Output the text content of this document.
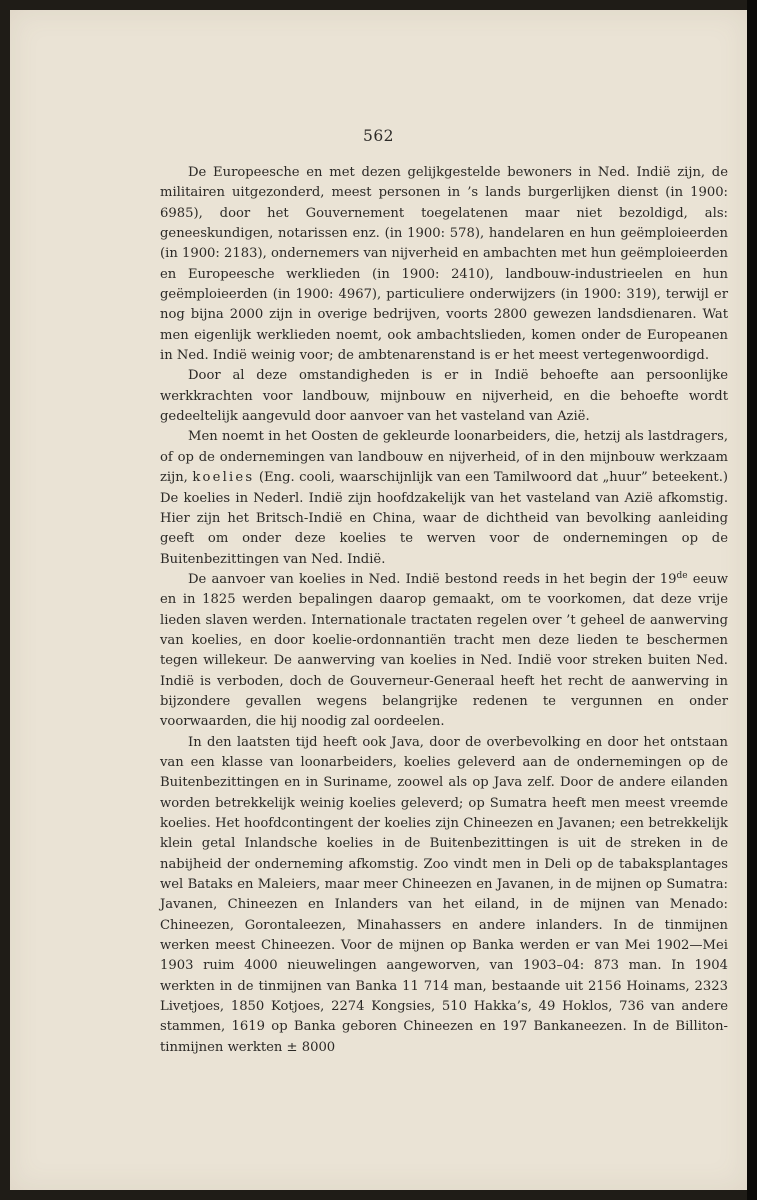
562

De Europeesche en met dezen gelijkgestelde bewoners in Ned. Indië zijn, de militairen uitgezonderd, meest personen in ’s lands burgerlijken dienst (in 1900: 6985), door het Gouvernement toegelatenen maar niet bezoldigd, als: geneeskundigen, notarissen enz. (in 1900: 578), handelaren en hun geëmploieerden (in 1900: 2183), ondernemers van nijverheid en ambachten met hun geëmploieerden en Europeesche werklieden (in 1900: 2410), landbouw-industrieelen en hun geëmploieerden (in 1900: 4967), particuliere onderwijzers (in 1900: 319), terwijl er nog bijna 2000 zijn in overige bedrijven, voorts 2800 gewezen landsdienaren. Wat men eigenlijk werklieden noemt, ook ambachtslieden, komen onder de Europeanen in Ned. Indië weinig voor; de ambtenarenstand is er het meest vertegenwoordigd.

Door al deze omstandigheden is er in Indië behoefte aan persoonlijke werkkrachten voor landbouw, mijnbouw en nijverheid, en die behoefte wordt gedeeltelijk aangevuld door aanvoer van het vasteland van Azië.

Men noemt in het Oosten de gekleurde loonarbeiders, die, hetzij als lastdragers, of op de ondernemingen van landbouw en nijverheid, of in den mijnbouw werkzaam zijn, koelies (Eng. cooli, waarschijnlijk van een Tamilwoord dat „huur” beteekent.) De koelies in Nederl. Indië zijn hoofdzakelijk van het vasteland van Azië afkomstig. Hier zijn het Britsch-Indië en China, waar de dichtheid van bevolking aanleiding geeft om onder deze koelies te werven voor de ondernemingen op de Buitenbezittingen van Ned. Indië.

De aanvoer van koelies in Ned. Indië bestond reeds in het begin der 19de eeuw en in 1825 werden bepalingen daarop gemaakt, om te voorkomen, dat deze vrije lieden slaven werden. Internationale tractaten regelen over ’t geheel de aanwerving van koelies, en door koelie-ordonnantiën tracht men deze lieden te beschermen tegen willekeur. De aanwerving van koelies in Ned. Indië voor streken buiten Ned. Indië is verboden, doch de Gouverneur-Generaal heeft het recht de aanwerving in bijzondere gevallen wegens belangrijke redenen te vergunnen en onder voorwaarden, die hij noodig zal oordeelen.

In den laatsten tijd heeft ook Java, door de overbevolking en door het ontstaan van een klasse van loonarbeiders, koelies geleverd aan de ondernemingen op de Buitenbezittingen en in Suriname, zoowel als op Java zelf. Door de andere eilanden worden betrekkelijk weinig koelies geleverd; op Sumatra heeft men meest vreemde koelies. Het hoofdcontingent der koelies zijn Chineezen en Javanen; een betrekkelijk klein getal Inlandsche koelies in de Buitenbezittingen is uit de streken in de nabijheid der onderneming afkomstig. Zoo vindt men in Deli op de tabaksplantages wel Bataks en Maleiers, maar meer Chineezen en Javanen, in de mijnen op Sumatra: Javanen, Chineezen en Inlanders van het eiland, in de mijnen van Menado: Chineezen, Gorontaleezen, Minahassers en andere inlanders. In de tinmijnen werken meest Chineezen. Voor de mijnen op Banka werden er van Mei 1902—Mei 1903 ruim 4000 nieuwelingen aangeworven, van 1903–04: 873 man. In 1904 werkten in de tinmijnen van Banka 11 714 man, bestaande uit 2156 Hoinams, 2323 Livetjoes, 1850 Kotjoes, 2274 Kongsies, 510 Hakka’s, 49 Hoklos, 736 van andere stammen, 1619 op Banka geboren Chineezen en 197 Bankaneezen. In de Billiton-tinmijnen werkten ± 8000
